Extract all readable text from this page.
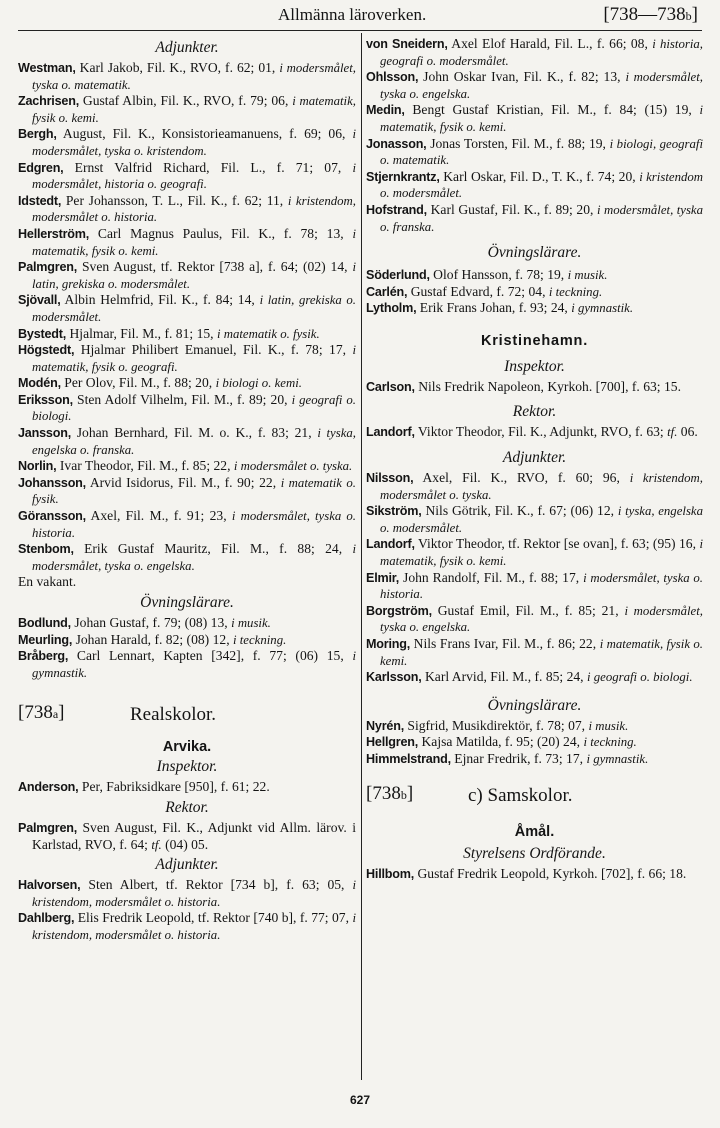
Allmänna läroverken.	[738—738b]
Adjunkter.

Westman, Karl Jakob, Fil. K., RVO, f. 62; 01, i modersmålet, tyska o. matematik.

Zachrisen, Gustaf Albin, Fil. K., RVO, f. 79; 06, i matematik, fysik o. kemi.

Bergh, August, Fil. K., Konsistorieamanuens, f. 69; 06, i modersmålet, tyska o. kristendom.

Edgren, Ernst Valfrid Richard, Fil. L., f. 71; 07, i modersmålet, historia o. geografi.

Idstedt, Per Johansson, T. L., Fil. K., f. 62; 11, i kristendom, modersmålet o. historia.

Hellerström, Carl Magnus Paulus, Fil. K., f. 78; 13, i matematik, fysik o. kemi.

Palmgren, Sven August, tf. Rektor [738 a], f. 64; (02) 14, i latin, grekiska o. modersmålet.

Sjövall, Albin Helmfrid, Fil. K., f. 84; 14, i latin, grekiska o. modersmålet.

Bystedt, Hjalmar, Fil. M., f. 81; 15, i matematik o. fysik.

Högstedt, Hjalmar Philibert Emanuel, Fil. K., f. 78; 17, i matematik, fysik o. geografi.

Modén, Per Olov, Fil. M., f. 88; 20, i biologi o. kemi.

Eriksson, Sten Adolf Vilhelm, Fil. M., f. 89; 20, i geografi o. biologi.

Jansson, Johan Bernhard, Fil. M. o. K., f. 83; 21, i tyska, engelska o. franska.

Norlin, Ivar Theodor, Fil. M., f. 85; 22, i modersmålet o. tyska.

Johansson, Arvid Isidorus, Fil. M., f. 90; 22, i matematik o. fysik.

Göransson, Axel, Fil. M., f. 91; 23, i modersmålet, tyska o. historia.

Stenbom, Erik Gustaf Mauritz, Fil. M., f. 88; 24, i modersmålet, tyska o. engelska.

En vakant.

Övningslärare.

Bodlund, Johan Gustaf, f. 79; (08) 13, i musik.

Meurling, Johan Harald, f. 82; (08) 12, i teckning.

Bråberg, Carl Lennart, Kapten [342], f. 77; (06) 15, i gymnastik.

[738a]	Realskolor.
Arvika.
Inspektor.

Anderson, Per, Fabriksidkare [950], f. 61; 22.

Rektor.

Palmgren, Sven August, Fil. K., Adjunkt vid Allm. lärov. i Karlstad, RVO, f. 64; tf. (04) 05.

Adjunkter.

Halvorsen, Sten Albert, tf. Rektor [734 b], f. 63; 05, i kristendom, modersmålet o. historia.

Dahlberg, Elis Fredrik Leopold, tf. Rektor [740 b], f. 77; 07, i kristendom, modersmålet o. historia.

von Sneidern, Axel Elof Harald, Fil. L., f. 66; 08, i historia, geografi o. modersmålet.

Ohlsson, John Oskar Ivan, Fil. K., f. 82; 13, i modersmålet, tyska o. engelska.

Medin, Bengt Gustaf Kristian, Fil. M., f. 84; (15) 19, i matematik, fysik o. kemi.

Jonasson, Jonas Torsten, Fil. M., f. 88; 19, i biologi, geografi o. matematik.

Stjernkrantz, Karl Oskar, Fil. D., T. K., f. 74; 20, i kristendom o. modersmålet.

Hofstrand, Karl Gustaf, Fil. K., f. 89; 20, i modersmålet, tyska o. franska.

Övningslärare.

Söderlund, Olof Hansson, f. 78; 19, i musik.

Carlén, Gustaf Edvard, f. 72; 04, i teckning.

Lytholm, Erik Frans Johan, f. 93; 24, i gymnastik.

Kristinehamn.
Inspektor.

Carlson, Nils Fredrik Napoleon, Kyrkoh. [700], f. 63; 15.

Rektor.

Landorf, Viktor Theodor, Fil. K., Adjunkt, RVO, f. 63; tf. 06.

Adjunkter.

Nilsson, Axel, Fil. K., RVO, f. 60; 96, i kristendom, modersmålet o. tyska.

Sikström, Nils Götrik, Fil. K., f. 67; (06) 12, i tyska, engelska o. modersmålet.

Landorf, Viktor Theodor, tf. Rektor [se ovan], f. 63; (95) 16, i matematik, fysik o. kemi.

Elmir, John Randolf, Fil. M., f. 88; 17, i modersmålet, tyska o. historia.

Borgström, Gustaf Emil, Fil. M., f. 85; 21, i modersmålet, tyska o. engelska.

Moring, Nils Frans Ivar, Fil. M., f. 86; 22, i matematik, fysik o. kemi.

Karlsson, Karl Arvid, Fil. M., f. 85; 24, i geografi o. biologi.

Övningslärare.

Nyrén, Sigfrid, Musikdirektör, f. 78; 07, i musik.

Hellgren, Kajsa Matilda, f. 95; (20) 24, i teckning.

Himmelstrand, Ejnar Fredrik, f. 73; 17, i gymnastik.

[738b]	c) Samskolor.
Åmål.
Styrelsens Ordförande.

Hillbom, Gustaf Fredrik Leopold, Kyrkoh. [702], f. 66; 18.

627
